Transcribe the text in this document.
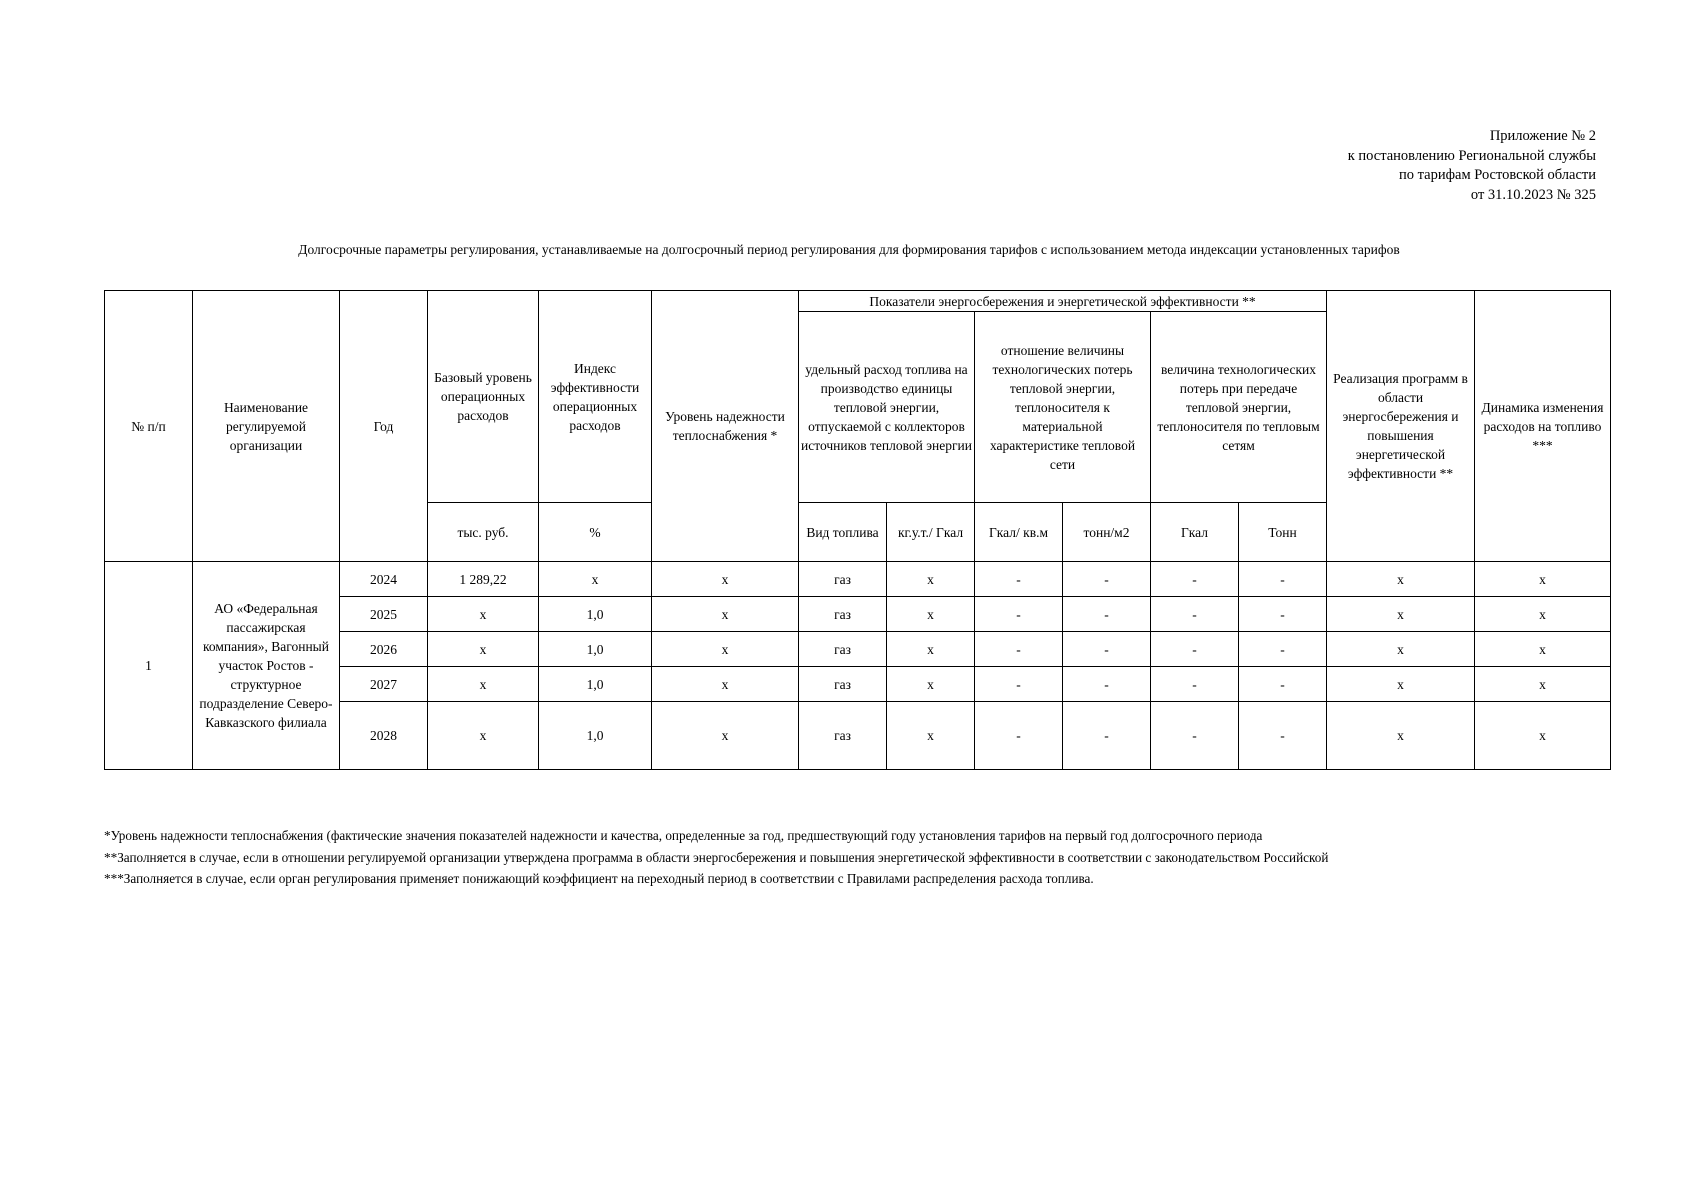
Приложение № 2
к постановлению Региональной службы
по тарифам Ростовской области
от 31.10.2023 № 325
Долгосрочные параметры регулирования, устанавливаемые на долгосрочный период регулирования для формирования тарифов с использованием метода индексации установленных тарифов
№ п/п	Наименование регулируемой организации	Год	Базовый уровень операционных расходов	Индекс эффективности операционных расходов	Уровень надежности теплоснабжения *	Показатели энергосбережения и энергетической эффективности **						Реализация программ в области энергосбережения и повышения энергетической эффективности **	Динамика изменения расходов на топливо ***
						удельный расход топлива на производство единицы тепловой энергии, отпускаемой с коллекторов источников тепловой энергии		отношение величины технологических потерь тепловой энергии, теплоносителя к материальной характеристике тепловой сети		величина технологических потерь при передаче тепловой энергии, теплоносителя по тепловым сетям			
			тыс. руб.	%		Вид топлива	кг.у.т./ Гкал	Гкал/ кв.м	тонн/м2	Гкал	Тонн		
1	АО «Федеральная пассажирская компания», Вагонный участок Ростов - структурное подразделение Северо-Кавказского филиала	2024	1 289,22	х	х	газ	х	-	-	-	-	х	х
		2025	х	1,0	х	газ	х	-	-	-	-	х	х
		2026	х	1,0	х	газ	х	-	-	-	-	х	х
		2027	х	1,0	х	газ	х	-	-	-	-	х	х
		2028	х	1,0	х	газ	х	-	-	-	-	х	х
*Уровень надежности теплоснабжения (фактические значения показателей надежности и качества, определенные за год, предшествующий году установления тарифов на первый год долгосрочного периода
**Заполняется в случае, если в отношении регулируемой организации утверждена программа в области энергосбережения и повышения энергетической эффективности в соответствии с законодательством Российской
***Заполняется в случае, если орган регулирования применяет понижающий коэффициент на переходный период в соответствии с Правилами распределения расхода топлива.
